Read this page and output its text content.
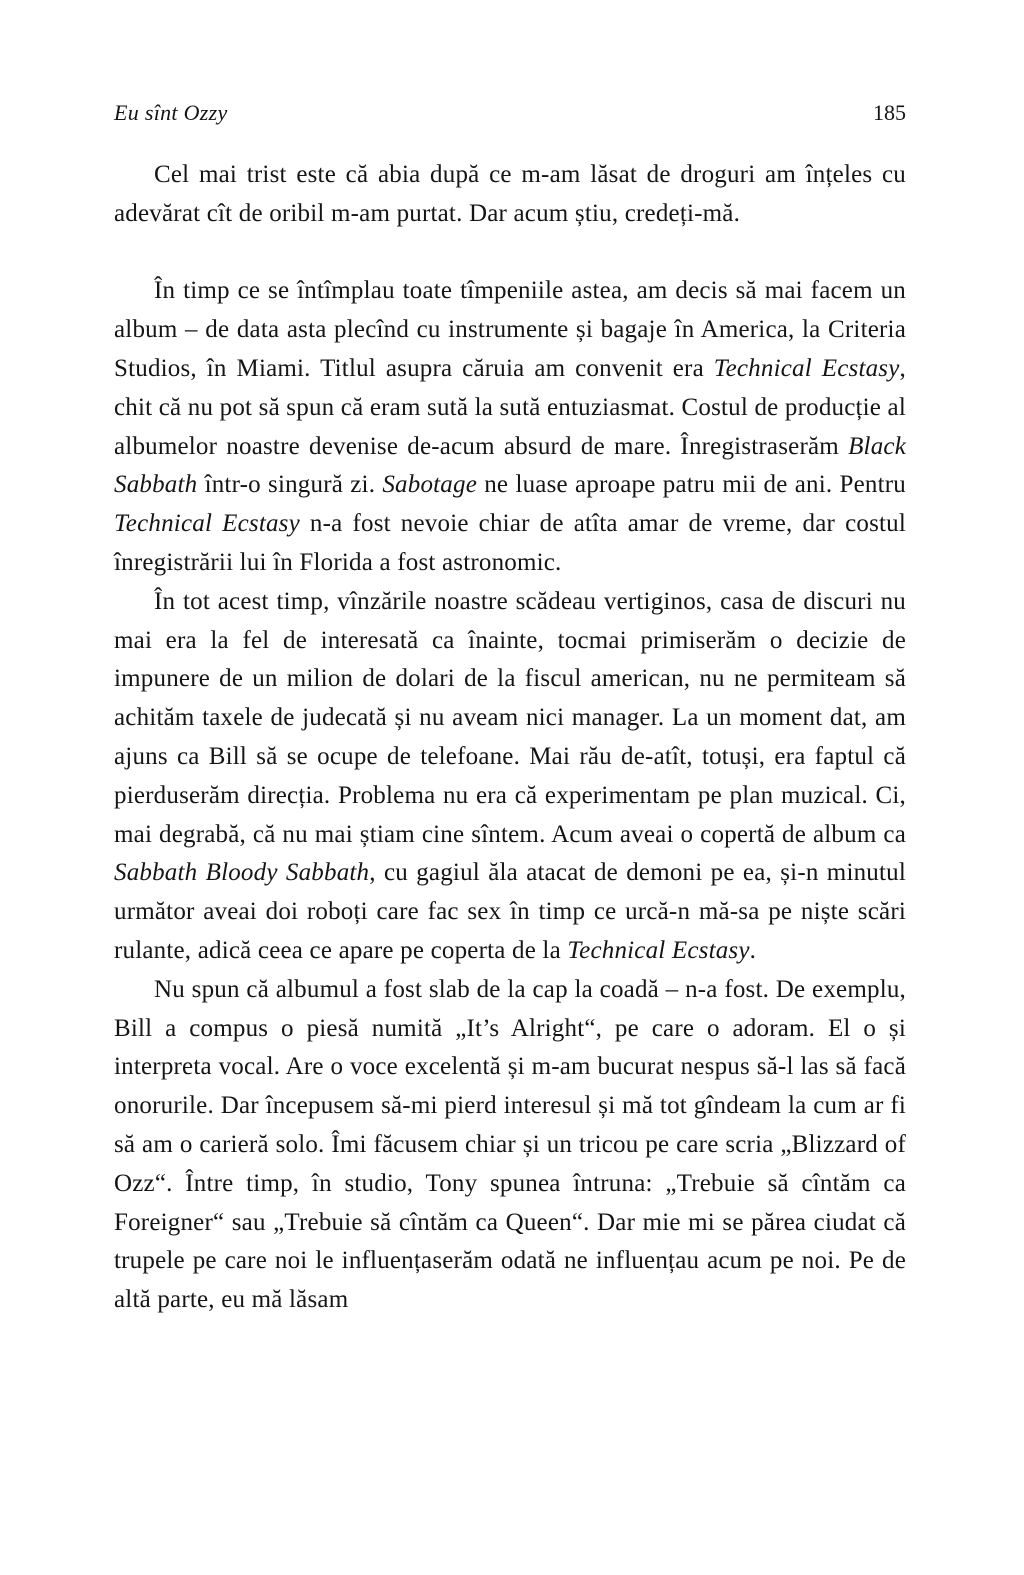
Eu sînt Ozzy	185

Cel mai trist este că abia după ce m-am lăsat de droguri am înțeles cu adevărat cît de oribil m-am purtat. Dar acum știu, credeți-mă.

În timp ce se întîmplau toate tîmpeniile astea, am decis să mai facem un album – de data asta plecînd cu instrumente și bagaje în America, la Criteria Studios, în Miami. Titlul asupra căruia am convenit era Technical Ecstasy, chit că nu pot să spun că eram sută la sută entuziasmat. Costul de producție al albumelor noastre devenise de-acum absurd de mare. Înregistraserăm Black Sabbath într-o singură zi. Sabotage ne luase aproape patru mii de ani. Pentru Technical Ecstasy n-a fost nevoie chiar de atîta amar de vreme, dar costul înregistrării lui în Florida a fost astronomic.

În tot acest timp, vînzările noastre scădeau vertiginos, casa de discuri nu mai era la fel de interesată ca înainte, tocmai primiserăm o decizie de impunere de un milion de dolari de la fiscul american, nu ne permiteam să achităm taxele de judecată și nu aveam nici manager. La un moment dat, am ajuns ca Bill să se ocupe de telefoane. Mai rău de-atît, totuși, era faptul că pierduserăm direcția. Problema nu era că experimentam pe plan muzical. Ci, mai degrabă, că nu mai știam cine sîntem. Acum aveai o copertă de album ca Sabbath Bloody Sabbath, cu gagiul ăla atacat de demoni pe ea, și-n minutul următor aveai doi roboți care fac sex în timp ce urcă-n mă-sa pe niște scări rulante, adică ceea ce apare pe coperta de la Technical Ecstasy.

Nu spun că albumul a fost slab de la cap la coadă – n-a fost. De exemplu, Bill a compus o piesă numită „It’s Alright“, pe care o adoram. El o și interpreta vocal. Are o voce excelentă și m-am bucurat nespus să-l las să facă onorurile. Dar începusem să-mi pierd interesul și mă tot gîndeam la cum ar fi să am o carieră solo. Îmi făcusem chiar și un tricou pe care scria „Blizzard of Ozz“. Între timp, în studio, Tony spunea întruna: „Trebuie să cîntăm ca Foreigner“ sau „Trebuie să cîntăm ca Queen“. Dar mie mi se părea ciudat că trupele pe care noi le influențaserăm odată ne influențau acum pe noi. Pe de altă parte, eu mă lăsam
